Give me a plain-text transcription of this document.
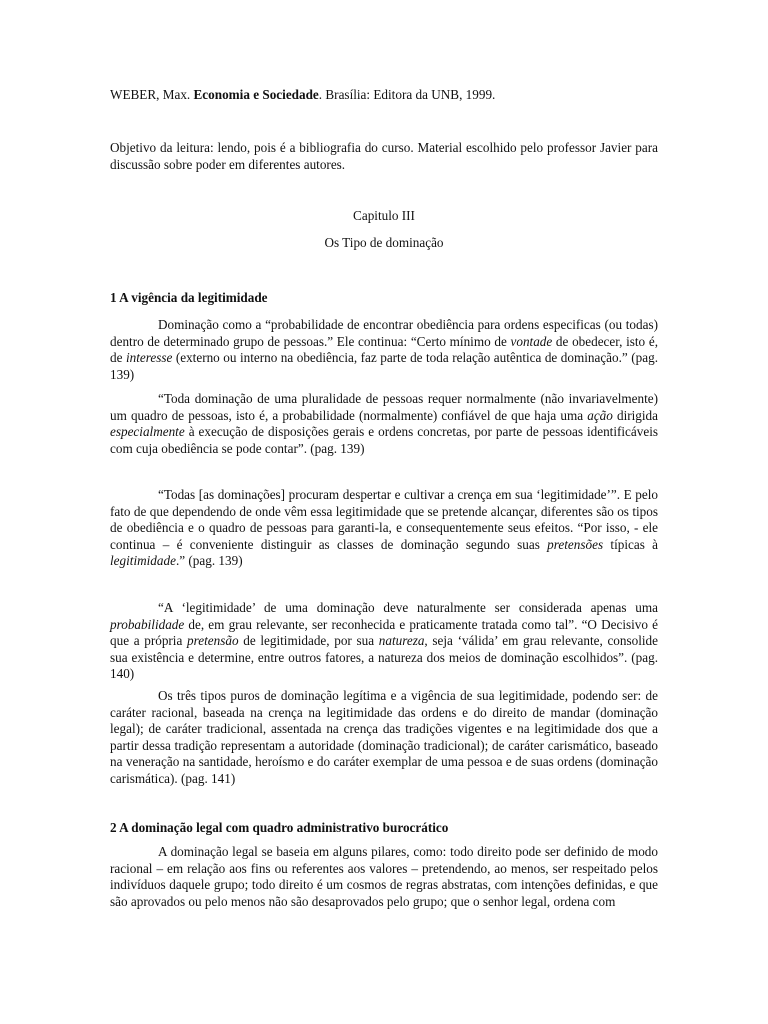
WEBER, Max. Economia e Sociedade. Brasília: Editora da UNB, 1999.

Objetivo da leitura: lendo, pois é a bibliografia do curso. Material escolhido pelo professor Javier para discussão sobre poder em diferentes autores.

Capitulo III

Os Tipo de dominação

1 A vigência da legitimidade

Dominação como a “probabilidade de encontrar obediência para ordens especificas (ou todas) dentro de determinado grupo de pessoas.” Ele continua: “Certo mínimo de vontade de obedecer, isto é, de interesse (externo ou interno na obediência, faz parte de toda relação autêntica de dominação.” (pag. 139)

“Toda dominação de uma pluralidade de pessoas requer normalmente (não invariavelmente) um quadro de pessoas, isto é, a probabilidade (normalmente) confiável de que haja uma ação dirigida especialmente à execução de disposições gerais e ordens concretas, por parte de pessoas identificáveis com cuja obediência se pode contar”. (pag. 139)

“Todas [as dominações] procuram despertar e cultivar a crença em sua ‘legitimidade’”. E pelo fato de que dependendo de onde vêm essa legitimidade que se pretende alcançar, diferentes são os tipos de obediência e o quadro de pessoas para garanti-la, e consequentemente seus efeitos. “Por isso, - ele continua – é conveniente distinguir as classes de dominação segundo suas pretensões típicas à legitimidade.” (pag. 139)

“A ‘legitimidade’ de uma dominação deve naturalmente ser considerada apenas uma probabilidade de, em grau relevante, ser reconhecida e praticamente tratada como tal”. “O Decisivo é que a própria pretensão de legitimidade, por sua natureza, seja ‘válida’ em grau relevante, consolide sua existência e determine, entre outros fatores, a natureza dos meios de dominação escolhidos”. (pag. 140)

Os três tipos puros de dominação legítima e a vigência de sua legitimidade, podendo ser: de caráter racional, baseada na crença na legitimidade das ordens e do direito de mandar (dominação legal); de caráter tradicional, assentada na crença das tradições vigentes e na legitimidade dos que a partir dessa tradição representam a autoridade (dominação tradicional); de caráter carismático, baseado na veneração na santidade, heroísmo e do caráter exemplar de uma pessoa e de suas ordens (dominação carismática). (pag. 141)

2 A dominação legal com quadro administrativo burocrático

A dominação legal se baseia em alguns pilares, como: todo direito pode ser definido de modo racional – em relação aos fins ou referentes aos valores – pretendendo, ao menos, ser respeitado pelos indivíduos daquele grupo; todo direito é um cosmos de regras abstratas, com intenções definidas, e que são aprovados ou pelo menos não são desaprovados pelo grupo; que o senhor legal, ordena com
